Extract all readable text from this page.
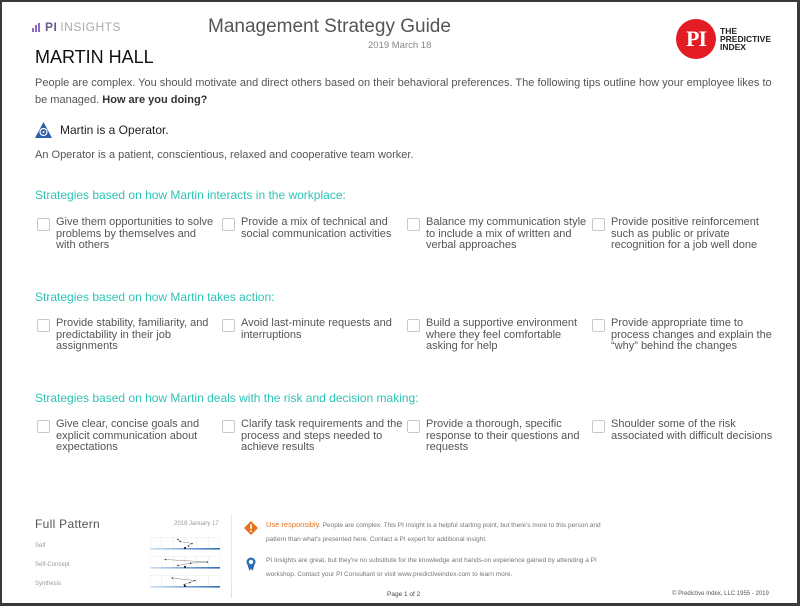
PI INSIGHTS	Management Strategy Guide
2019 March 18	PI	THE
PREDICTIVE
INDEX
MARTIN HALL
People are complex. You should motivate and direct others based on their behavioral preferences. The following tips outline how your employee likes to be managed. How are you doing?
Martin is a Operator.
An Operator is a patient, conscientious, relaxed and cooperative team worker.
Strategies based on how Martin interacts in the workplace:
Give them opportunities to solve problems by themselves and with others
Provide a mix of technical and social communication activities
Balance my communication style to include a mix of written and verbal approaches
Provide positive reinforcement such as public or private recognition for a job well done
Strategies based on how Martin takes action:
Provide stability, familiarity, and predictability in their job assignments
Avoid last-minute requests and interruptions
Build a supportive environment where they feel comfortable asking for help
Provide appropriate time to process changes and explain the “why” behind the changes
Strategies based on how Martin deals with the risk and decision making:
Give clear, concise goals and explicit communication about expectations
Clarify task requirements and the process and steps needed to achieve results
Provide a thorough, specific response to their questions and requests
Shoulder some of the risk associated with difficult decisions
Full Pattern	2018 January 17
Self
Self-Concept
Synthesis
Use responsibly. People are complex. This PI Insight is a helpful starting point, but there's more to this person and pattern than what's presented here. Contact a PI expert for additional insight.
PI Insights are great, but they're no substitute for the knowledge and hands-on experience gained by attending a PI workshop. Contact your PI Consultant or visit www.predictiveindex.com to learn more.
Page 1 of 2	© Predictive Index, LLC 1955 - 2019
